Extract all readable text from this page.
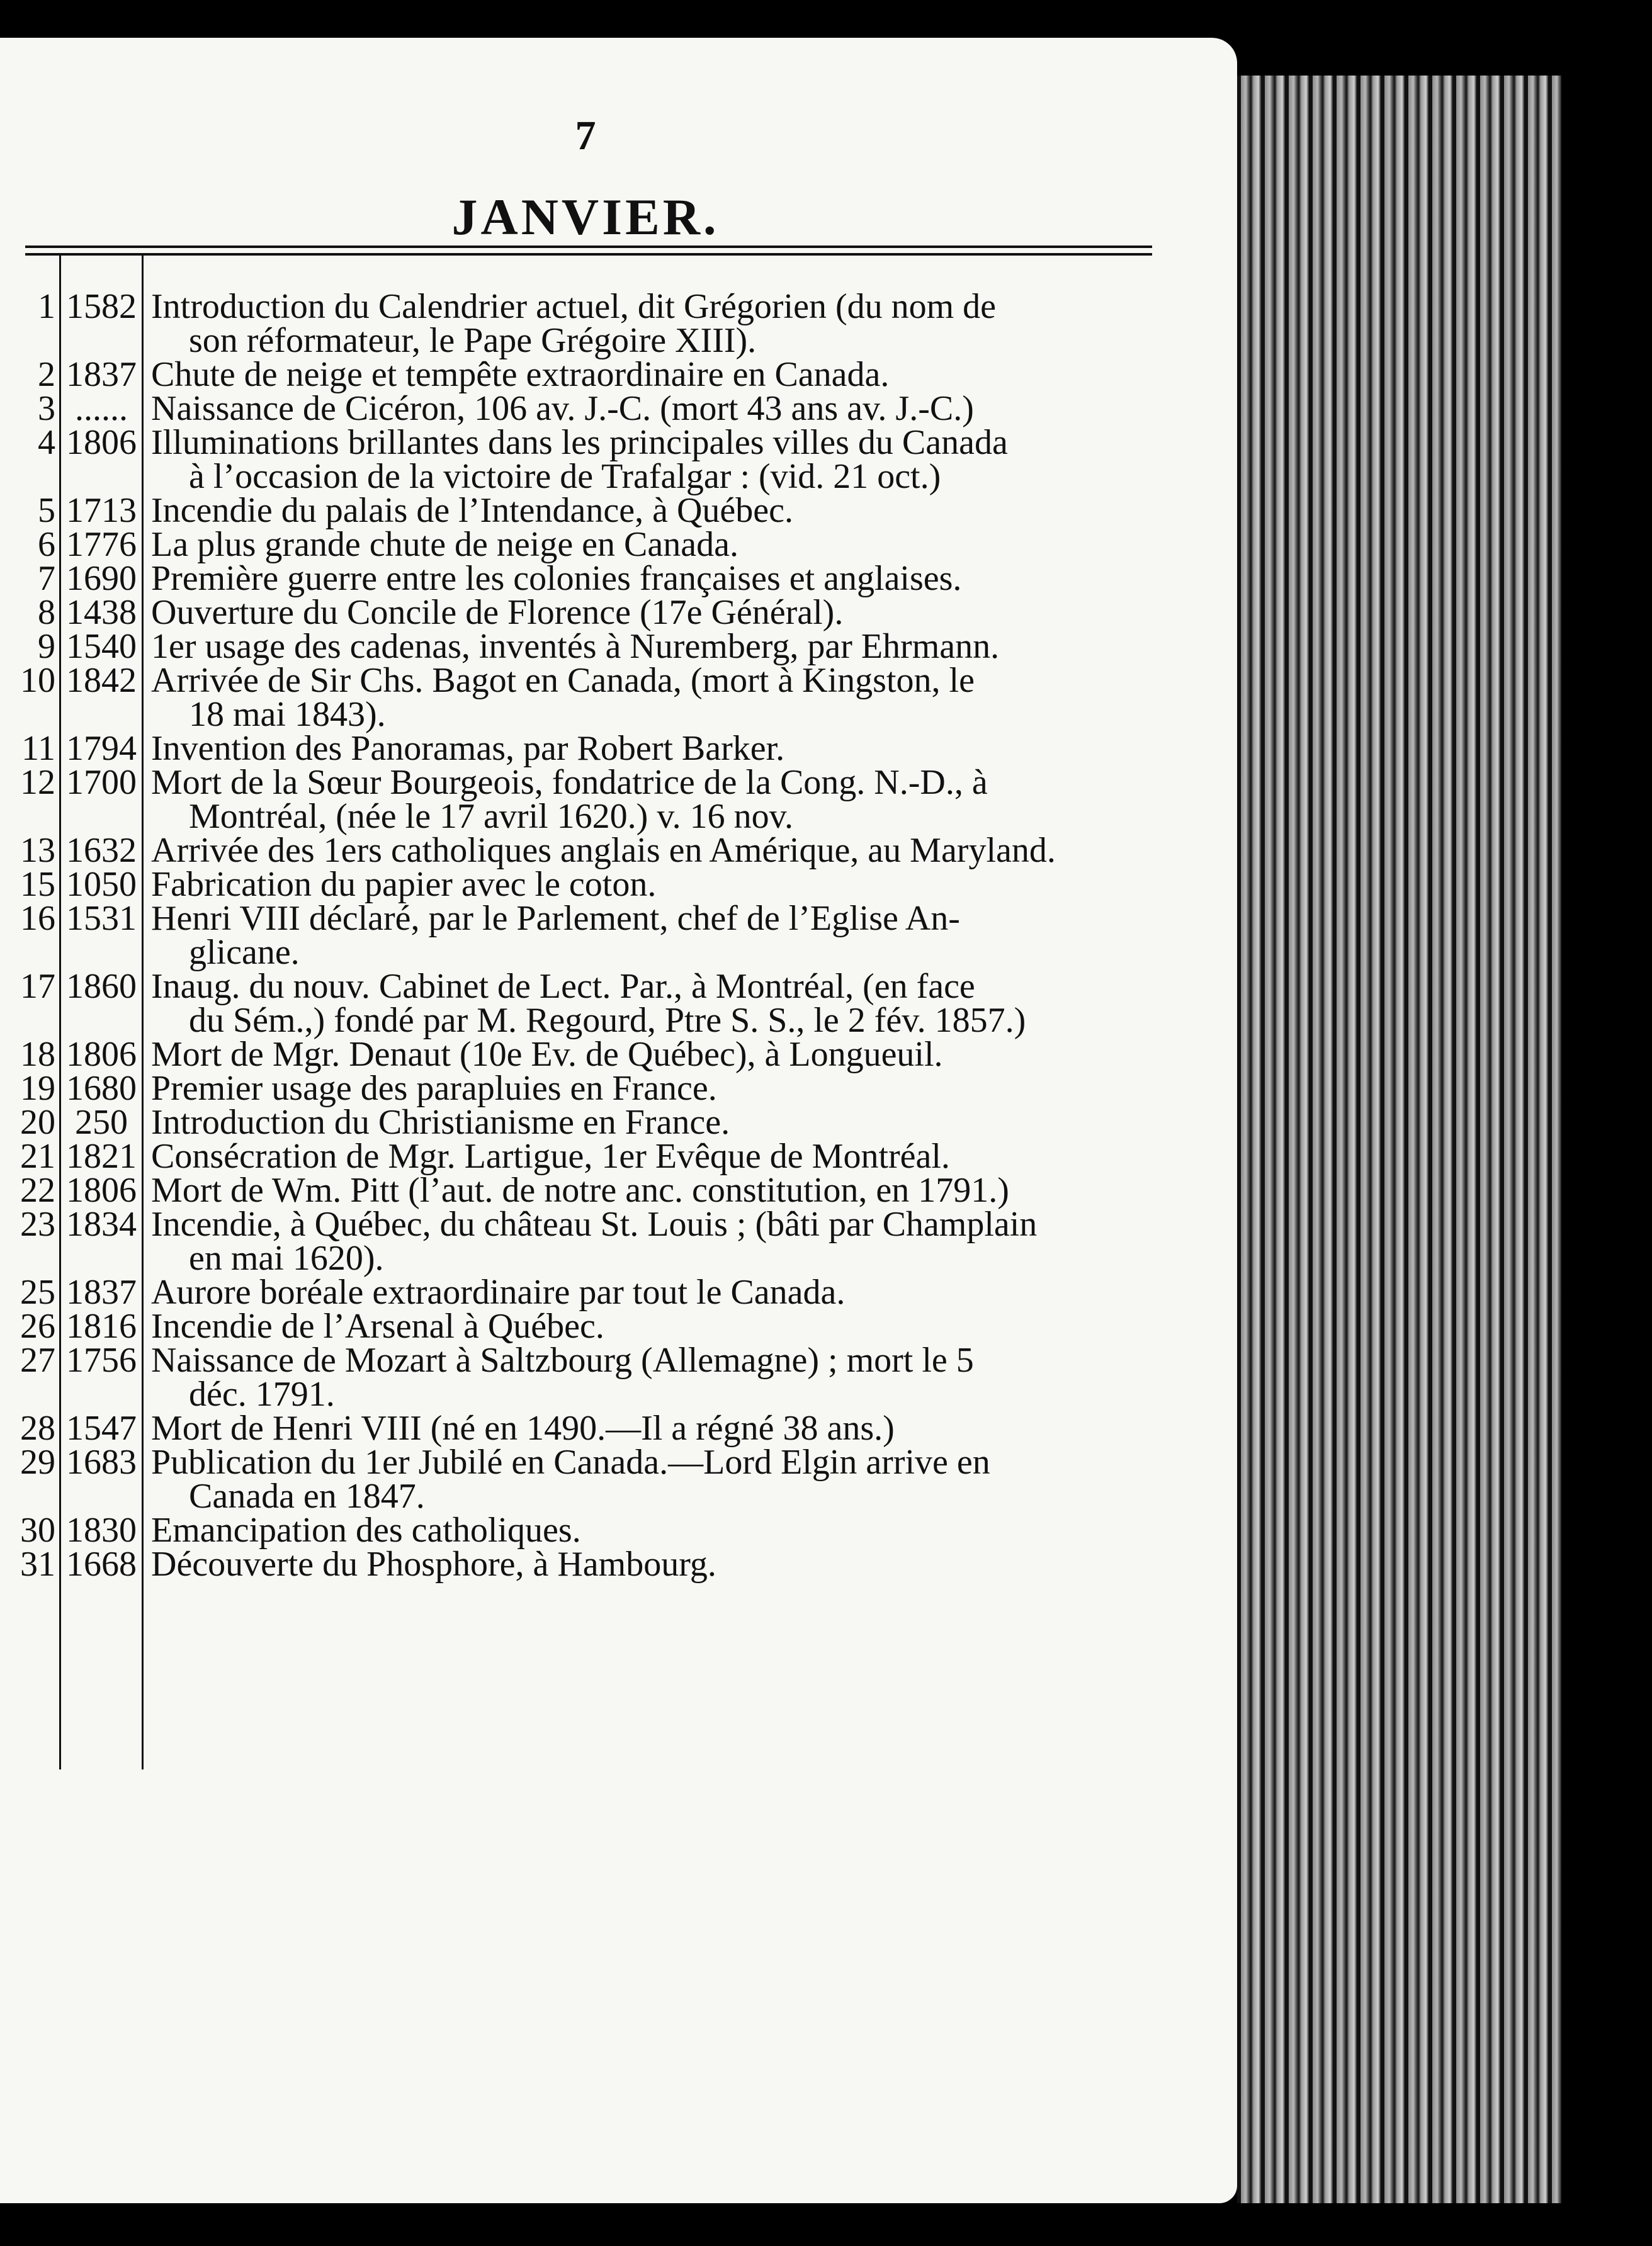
7
JANVIER.
1 1582 Introduction du Calendrier actuel, dit Grégorien (du nom de
son réformateur, le Pape Grégoire XIII).
2 1837 Chute de neige et tempête extraordinaire en Canada.
3 ...... Naissance de Cicéron, 106 av. J.-C. (mort 43 ans av. J.-C.)
4 1806 Illuminations brillantes dans les principales villes du Canada
à l’occasion de la victoire de Trafalgar : (vid. 21 oct.)
5 1713 Incendie du palais de l’Intendance, à Québec.
6 1776 La plus grande chute de neige en Canada.
7 1690 Première guerre entre les colonies françaises et anglaises.
8 1438 Ouverture du Concile de Florence (17e Général).
9 1540 1er usage des cadenas, inventés à Nuremberg, par Ehrmann.
10 1842 Arrivée de Sir Chs. Bagot en Canada, (mort à Kingston, le
18 mai 1843).
11 1794 Invention des Panoramas, par Robert Barker.
12 1700 Mort de la Sœur Bourgeois, fondatrice de la Cong. N.-D., à
Montréal, (née le 17 avril 1620.) v. 16 nov.
13 1632 Arrivée des 1ers catholiques anglais en Amérique, au Maryland.
15 1050 Fabrication du papier avec le coton.
16 1531 Henri VIII déclaré, par le Parlement, chef de l’Eglise An-
glicane.
17 1860 Inaug. du nouv. Cabinet de Lect. Par., à Montréal, (en face
du Sém.,) fondé par M. Regourd, Ptre S. S., le 2 fév. 1857.)
18 1806 Mort de Mgr. Denaut (10e Ev. de Québec), à Longueuil.
19 1680 Premier usage des parapluies en France.
20 250 Introduction du Christianisme en France.
21 1821 Consécration de Mgr. Lartigue, 1er Evêque de Montréal.
22 1806 Mort de Wm. Pitt (l’aut. de notre anc. constitution, en 1791.)
23 1834 Incendie, à Québec, du château St. Louis ; (bâti par Champlain
en mai 1620).
25 1837 Aurore boréale extraordinaire par tout le Canada.
26 1816 Incendie de l’Arsenal à Québec.
27 1756 Naissance de Mozart à Saltzbourg (Allemagne) ; mort le 5
déc. 1791.
28 1547 Mort de Henri VIII (né en 1490.—Il a régné 38 ans.)
29 1683 Publication du 1er Jubilé en Canada.—Lord Elgin arrive en
Canada en 1847.
30 1830 Emancipation des catholiques.
31 1668 Découverte du Phosphore, à Hambourg.
